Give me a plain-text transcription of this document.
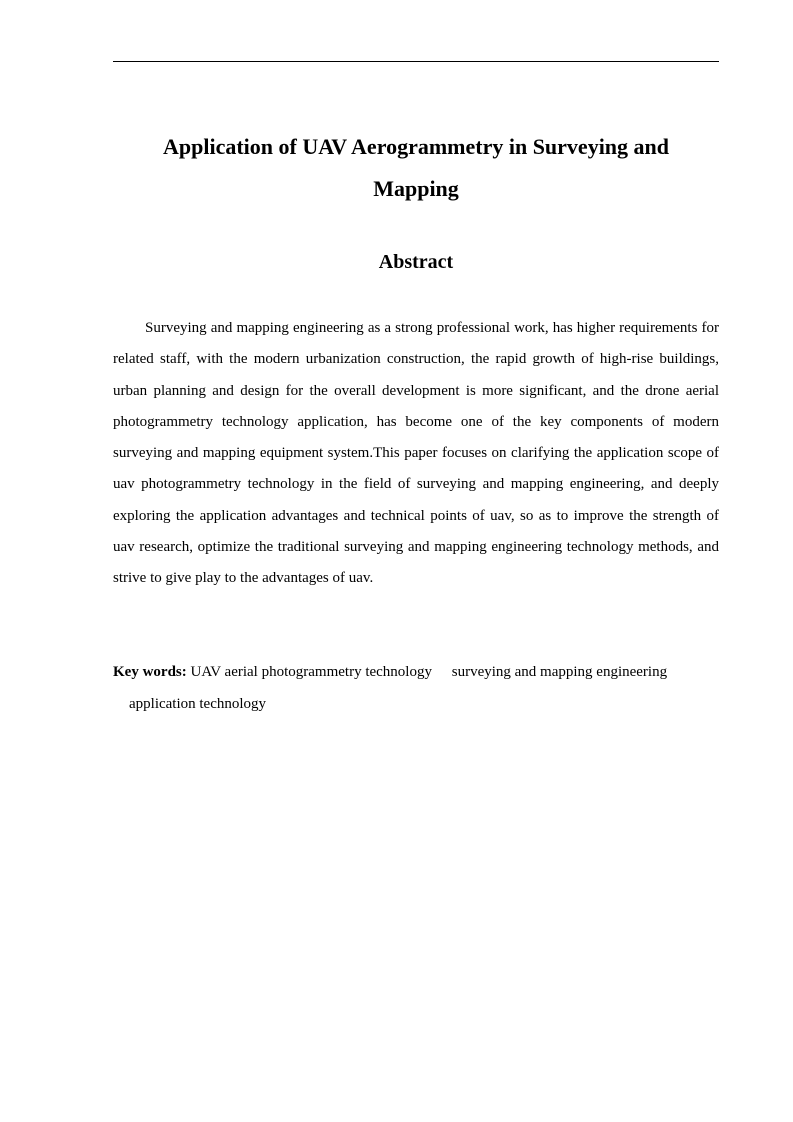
Application of UAV Aerogrammetry in Surveying and
Mapping
Abstract

Surveying and mapping engineering as a strong professional work, has higher requirements for related staff, with the modern urbanization construction, the rapid growth of high-rise buildings, urban planning and design for the overall development is more significant, and the drone aerial photogrammetry technology application, has become one of the key components of modern surveying and mapping equipment system.This paper focuses on clarifying the application scope of uav photogrammetry technology in the field of surveying and mapping engineering, and deeply exploring the application advantages and technical points of uav, so as to improve the strength of uav research, optimize the traditional surveying and mapping engineering technology methods, and strive to give play to the advantages of uav.

Key words: UAV aerial photogrammetry technology surveying and mapping engineering
application technology
